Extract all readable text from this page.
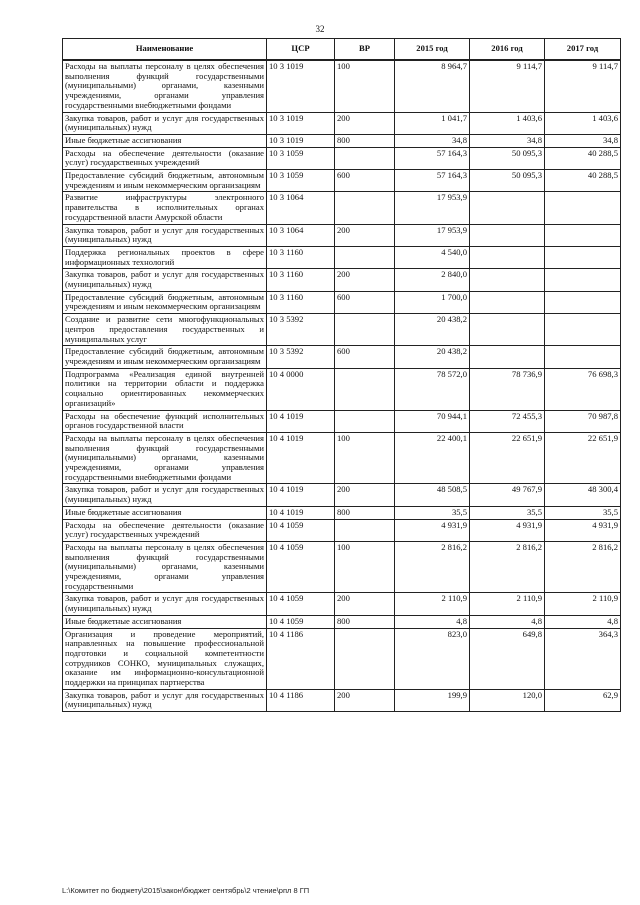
32
Наименование	ЦСР	ВР	2015 год	2016 год	2017 год
Расходы на выплаты персоналу в целях обеспечения выполнения функций государственными (муниципальными) органами, казенными учреждениями, органами управления государственными внебюджетными фондами	10 3 1019	100	8 964,7	9 114,7	9 114,7
Закупка товаров, работ и услуг для государственных (муниципальных) нужд	10 3 1019	200	1 041,7	1 403,6	1 403,6
Иные бюджетные ассигнования	10 3 1019	800	34,8	34,8	34,8
Расходы на обеспечение деятельности (оказание услуг) государственных учреждений	10 3 1059		57 164,3	50 095,3	40 288,5
Предоставление субсидий бюджетным, автономным учреждениям и иным некоммерческим организациям	10 3 1059	600	57 164,3	50 095,3	40 288,5
Развитие инфраструктуры электронного правительства в исполнительных органах государственной власти Амурской области	10 3 1064		17 953,9		
Закупка товаров, работ и услуг для государственных (муниципальных) нужд	10 3 1064	200	17 953,9		
Поддержка региональных проектов в сфере информационных технологий	10 3 1160		4 540,0		
Закупка товаров, работ и услуг для государственных (муниципальных) нужд	10 3 1160	200	2 840,0		
Предоставление субсидий бюджетным, автономным учреждениям и иным некоммерческим организациям	10 3 1160	600	1 700,0		
Создание и развитие сети многофункциональных центров предоставления государственных и муниципальных услуг	10 3 5392		20 438,2		
Предоставление субсидий бюджетным, автономным учреждениям и иным некоммерческим организациям	10 3 5392	600	20 438,2		
Подпрограмма «Реализация единой внутренней политики на территории области и поддержка социально ориентированных некоммерческих организаций»	10 4 0000		78 572,0	78 736,9	76 698,3
Расходы на обеспечение функций исполнительных органов государственной власти	10 4 1019		70 944,1	72 455,3	70 987,8
Расходы на выплаты персоналу в целях обеспечения выполнения функций государственными (муниципальными) органами, казенными учреждениями, органами управления государственными внебюджетными фондами	10 4 1019	100	22 400,1	22 651,9	22 651,9
Закупка товаров, работ и услуг для государственных (муниципальных) нужд	10 4 1019	200	48 508,5	49 767,9	48 300,4
Иные бюджетные ассигнования	10 4 1019	800	35,5	35,5	35,5
Расходы на обеспечение деятельности (оказание услуг) государственных учреждений	10 4 1059		4 931,9	4 931,9	4 931,9
Расходы на выплаты персоналу в целях обеспечения выполнения функций государственными (муниципальными) органами, казенными учреждениями, органами управления государственными	10 4 1059	100	2 816,2	2 816,2	2 816,2
Закупка товаров, работ и услуг для государственных (муниципальных) нужд	10 4 1059	200	2 110,9	2 110,9	2 110,9
Иные бюджетные ассигнования	10 4 1059	800	4,8	4,8	4,8
Организация и проведение мероприятий, направленных на повышение профессиональной подготовки и социальной компетентности сотрудников СОНКО, муниципальных служащих, оказание им информационно-консультационной поддержки на принципах партнерства	10 4 1186		823,0	649,8	364,3
Закупка товаров, работ и услуг для государственных (муниципальных) нужд	10 4 1186	200	199,9	120,0	62,9
L:\Комитет по бюджету\2015\закон\бюджет сентябрь\2 чтение\рпл 8 ГП
